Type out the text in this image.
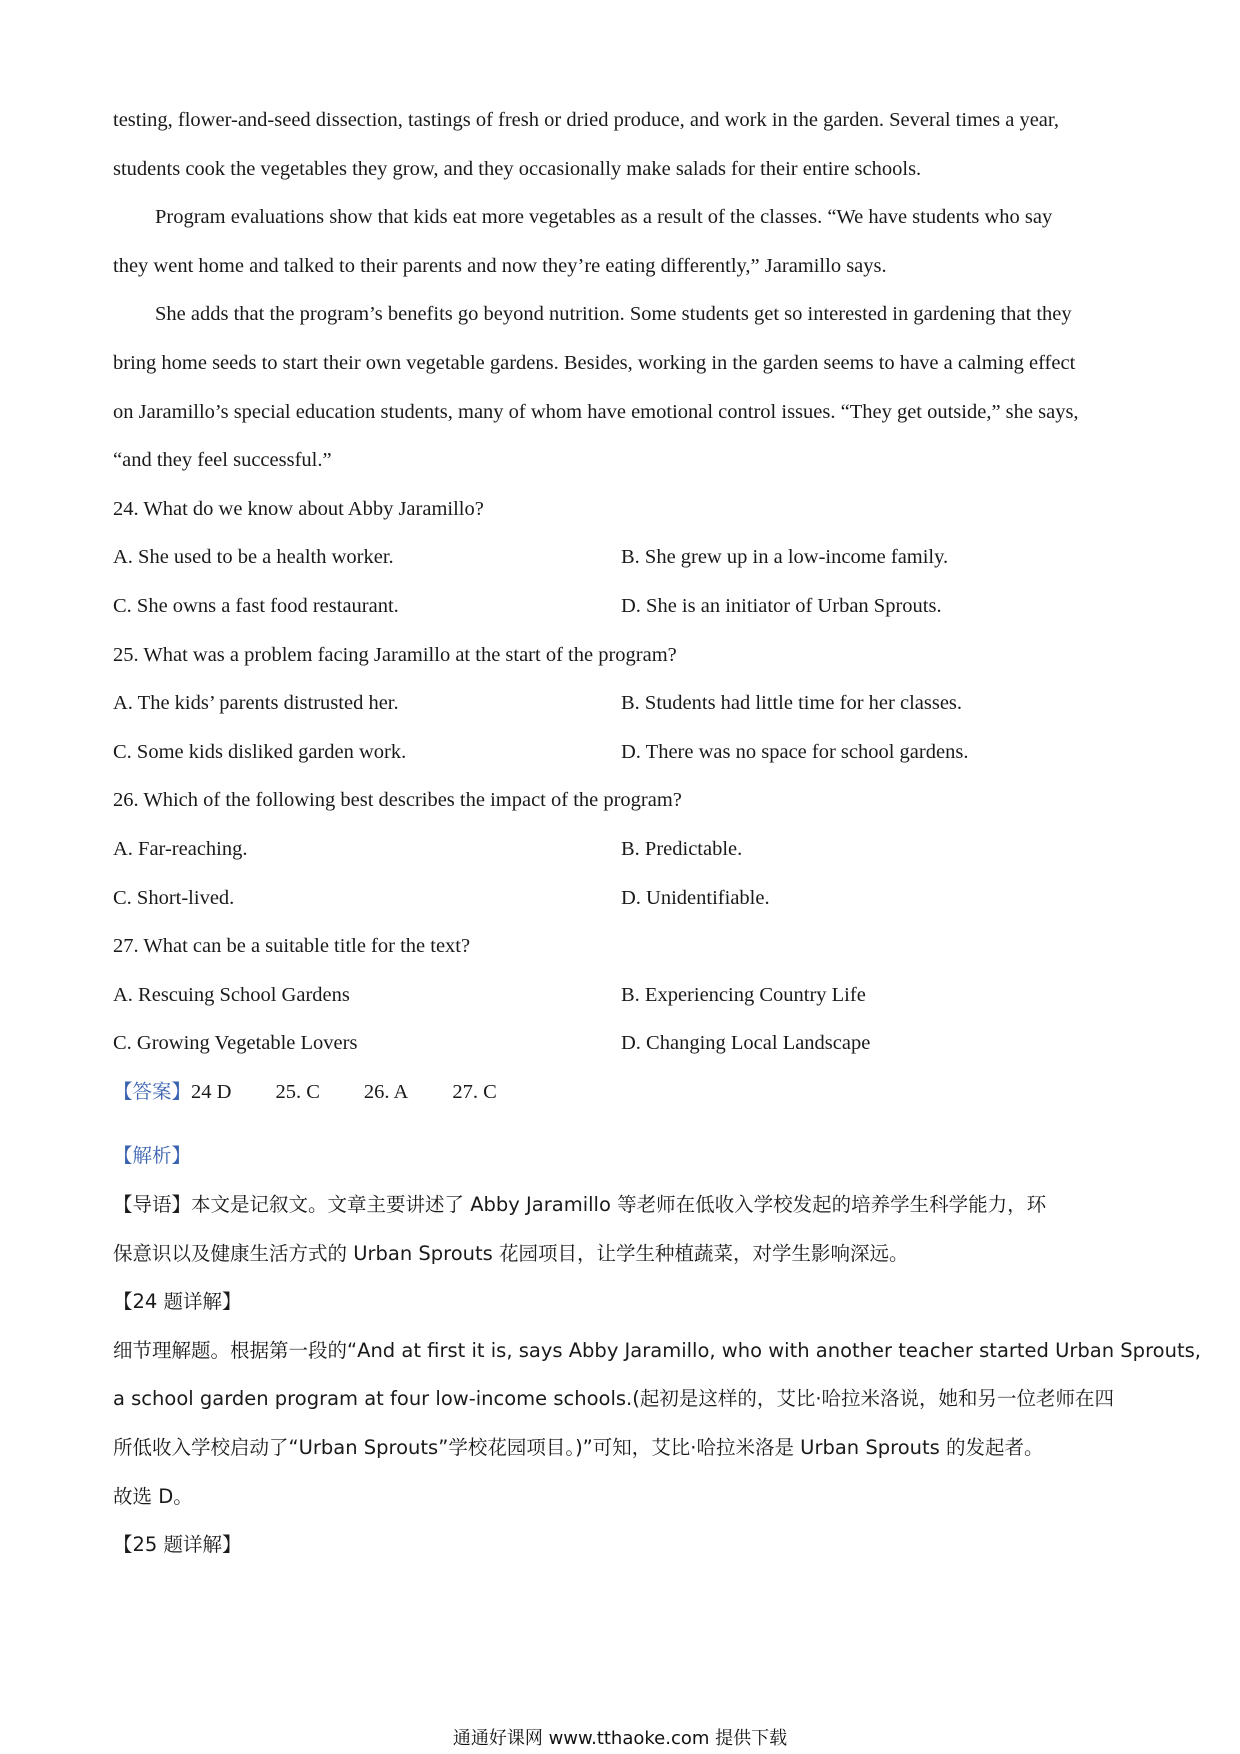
testing, flower-and-seed dissection, tastings of fresh or dried produce, and work in the garden. Several times a year,
students cook the vegetables they grow, and they occasionally make salads for their entire schools.
Program evaluations show that kids eat more vegetables as a result of the classes. “We have students who say
they went home and talked to their parents and now they’re eating differently,” Jaramillo says.
She adds that the program’s benefits go beyond nutrition. Some students get so interested in gardening that they
bring home seeds to start their own vegetable gardens. Besides, working in the garden seems to have a calming effect
on Jaramillo’s special education students, many of whom have emotional control issues. “They get outside,” she says,
“and they feel successful.”
24. What do we know about Abby Jaramillo?
A. She used to be a health worker.	B. She grew up in a low-income family.
C. She owns a fast food restaurant.	D. She is an initiator of Urban Sprouts.
25. What was a problem facing Jaramillo at the start of the program?
A. The kids’ parents distrusted her.	B. Students had little time for her classes.
C. Some kids disliked garden work.	D. There was no space for school gardens.
26. Which of the following best describes the impact of the program?
A. Far-reaching.	B. Predictable.
C. Short-lived.	D. Unidentifiable.
27. What can be a suitable title for the text?
A. Rescuing School Gardens	B. Experiencing Country Life
C. Growing Vegetable Lovers	D. Changing Local Landscape
【答案】 24 D 25. C 26. A 27. C
【解析】
【导语】本文是记叙文。文章主要讲述了 Abby Jaramillo 等老师在低收入学校发起的培养学生科学能力，环
保意识以及健康生活方式的 Urban Sprouts 花园项目，让学生种植蔬菜，对学生影响深远。
【24 题详解】
细节理解题。根据第一段的“And at first it is, says Abby Jaramillo, who with another teacher started Urban Sprouts,
a school garden program at four low-income schools.(起初是这样的，艾比·哈拉米洛说，她和另一位老师在四
所低收入学校启动了“Urban Sprouts”学校花园项目。)”可知，艾比·哈拉米洛是 Urban Sprouts 的发起者。
故选 D。
【25 题详解】
通通好课网 www.tthaoke.com 提供下载
